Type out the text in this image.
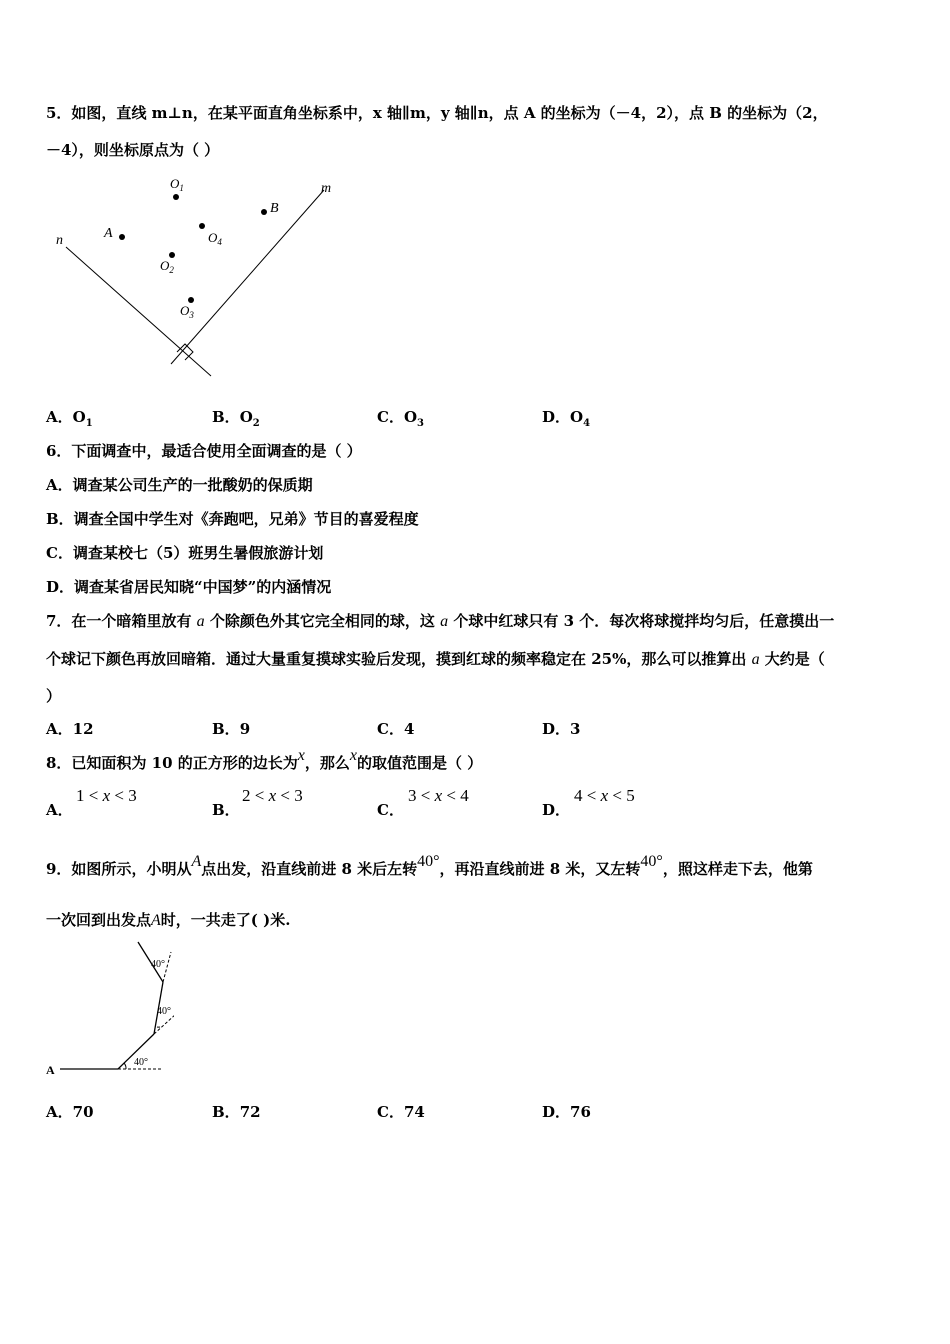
5．如图，直线 m⊥n，在某平面直角坐标系中，x 轴∥m，y 轴∥n，点 A 的坐标为（－4，2），点 B 的坐标为（2，
－4），则坐标原点为（ ）
n
m
$O_1$
B
A	$O_4$
$O_2$
$O_3$
A．$O_1$	B．$O_2$	C．$O_3$	D．$O_4$
6．下面调查中，最适合使用全面调查的是（ ）
A．调查某公司生产的一批酸奶的保质期
B．调查全国中学生对《奔跑吧，兄弟》节目的喜爱程度
C．调查某校七（5）班男生暑假旅游计划
D．调查某省居民知晓“中国梦”的内涵情况
7．在一个暗箱里放有 a 个除颜色外其它完全相同的球，这 a 个球中红球只有 3 个．每次将球搅拌均匀后，任意摸出一
个球记下颜色再放回暗箱．通过大量重复摸球实验后发现，摸到红球的频率稳定在 25%，那么可以推算出 a 大约是（
）
A．12	B．9	C．4	D．3
8．已知面积为 10 的正方形的边长为x，那么x的取值范围是（ ）
A．
1 < x < 3
B．
2 < x < 3
C．
3 < x < 4
D．
4 < x < 5
9．如图所示，小明从A点出发，沿直线前进 8 米后左转40°，再沿直线前进 8 米，又左转40°，照这样走下去，他第
一次回到出发点A时，一共走了( )米.
A
40°
40°
40°
A．70	B．72	C．74	D．76
